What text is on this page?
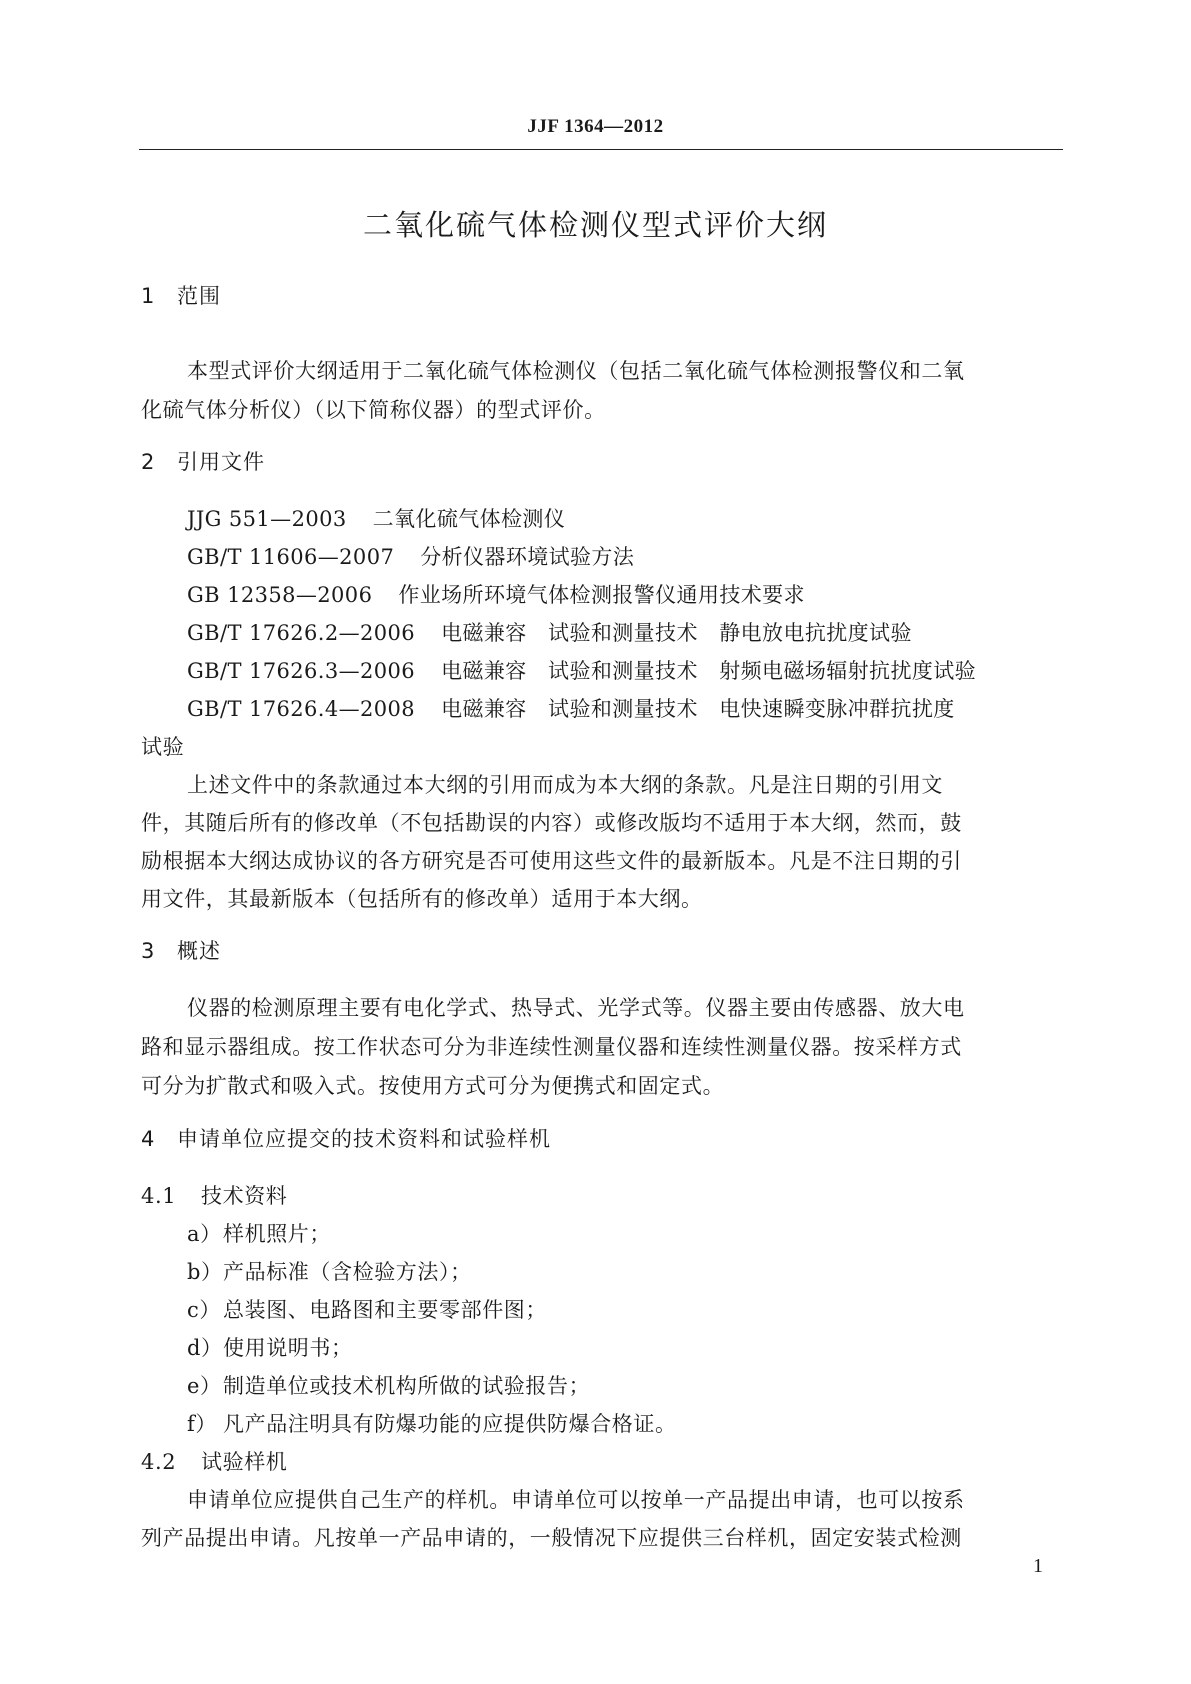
JJF 1364—2012
二氧化硫气体检测仪型式评价大纲
1 范围
本型式评价大纲适用于二氧化硫气体检测仪（包括二氧化硫气体检测报警仪和二氧
化硫气体分析仪）（以下简称仪器）的型式评价。
2 引用文件
JJG 551—2003 二氧化硫气体检测仪
GB/T 11606—2007 分析仪器环境试验方法
GB 12358—2006 作业场所环境气体检测报警仪通用技术要求
GB/T 17626.2—2006 电磁兼容　试验和测量技术　静电放电抗扰度试验
GB/T 17626.3—2006 电磁兼容　试验和测量技术　射频电磁场辐射抗扰度试验
GB/T 17626.4—2008 电磁兼容　试验和测量技术　电快速瞬变脉冲群抗扰度
试验
上述文件中的条款通过本大纲的引用而成为本大纲的条款。凡是注日期的引用文
件，其随后所有的修改单（不包括勘误的内容）或修改版均不适用于本大纲，然而，鼓
励根据本大纲达成协议的各方研究是否可使用这些文件的最新版本。凡是不注日期的引
用文件，其最新版本（包括所有的修改单）适用于本大纲。
3 概述
仪器的检测原理主要有电化学式、热导式、光学式等。仪器主要由传感器、放大电
路和显示器组成。按工作状态可分为非连续性测量仪器和连续性测量仪器。按采样方式
可分为扩散式和吸入式。按使用方式可分为便携式和固定式。
4 申请单位应提交的技术资料和试验样机
4.1 技术资料
a）样机照片；
b）产品标准（含检验方法）；
c）总装图、电路图和主要零部件图；
d）使用说明书；
e）制造单位或技术机构所做的试验报告；
f） 凡产品注明具有防爆功能的应提供防爆合格证。
4.2 试验样机
申请单位应提供自己生产的样机。申请单位可以按单一产品提出申请，也可以按系
列产品提出申请。凡按单一产品申请的，一般情况下应提供三台样机，固定安装式检测
1
